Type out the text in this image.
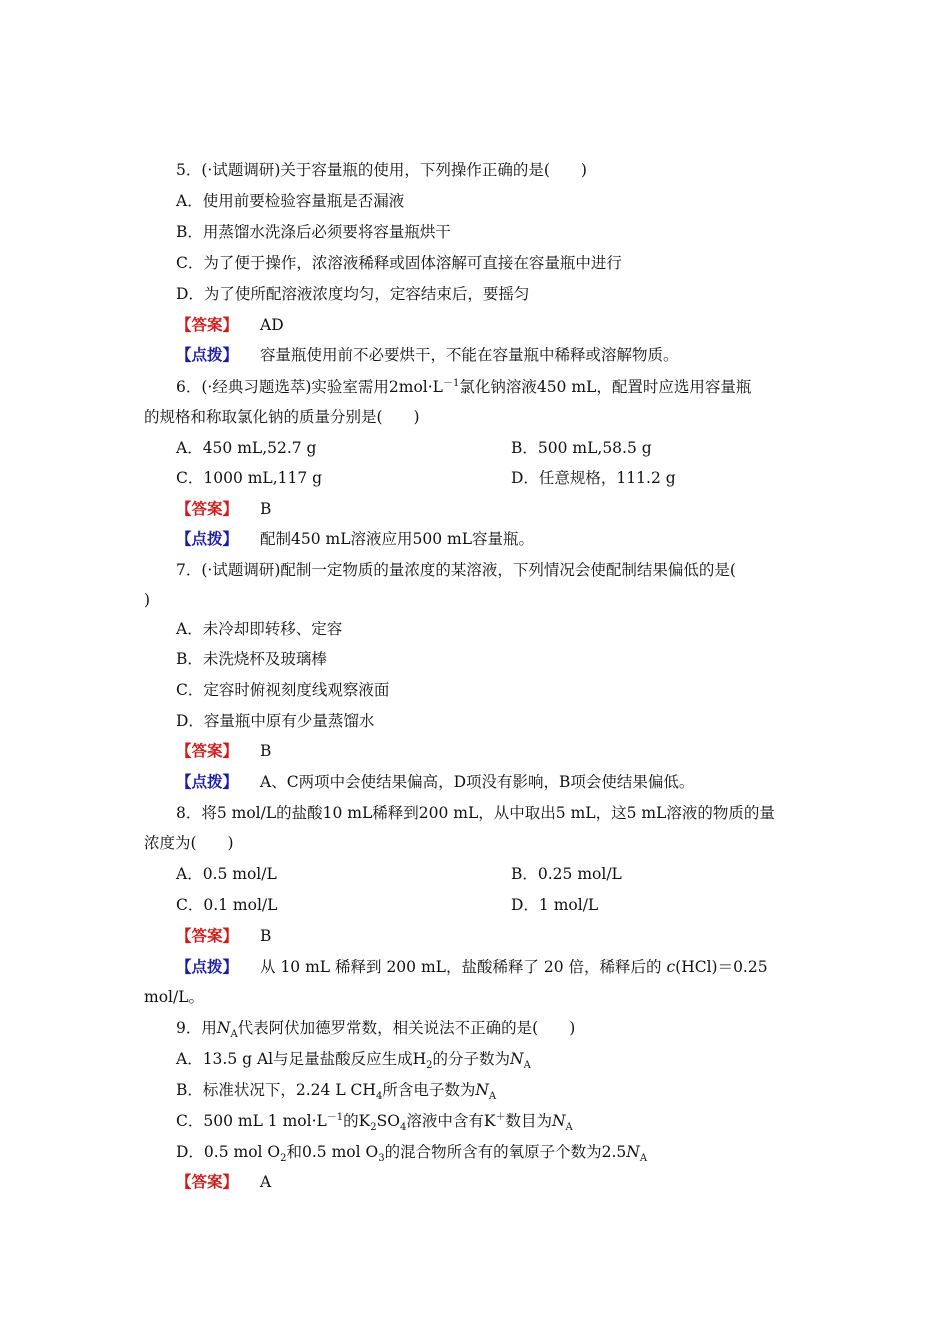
5．(·试题调研)关于容量瓶的使用，下列操作正确的是(　　)
A．使用前要检验容量瓶是否漏液
B．用蒸馏水洗涤后必须要将容量瓶烘干
C．为了便于操作，浓溶液稀释或固体溶解可直接在容量瓶中进行
D．为了使所配溶液浓度均匀，定容结束后，要摇匀
【答案】 AD
【点拨】 容量瓶使用前不必要烘干，不能在容量瓶中稀释或溶解物质。
6．(·经典习题选萃)实验室需用$2mol\cdot L^{-1}$氯化钠溶液450 mL，配置时应选用容量瓶
的规格和称取氯化钠的质量分别是(　　)
A．450 mL,52.7 g	B．500 mL,58.5 g
C．1000 mL,117 g	D．任意规格，111.2 g
【答案】 B
【点拨】 配制450 mL溶液应用500 mL容量瓶。
7．(·试题调研)配制一定物质的量浓度的某溶液，下列情况会使配制结果偏低的是(
)
A．未冷却即转移、定容
B．未洗烧杯及玻璃棒
C．定容时俯视刻度线观察液面
D．容量瓶中原有少量蒸馏水
【答案】 B
【点拨】 A、C两项中会使结果偏高，D项没有影响，B项会使结果偏低。
8．将5 mol/L的盐酸10 mL稀释到200 mL，从中取出5 mL，这5 mL溶液的物质的量
浓度为(　　)
A．0.5 mol/L	B．0.25 mol/L
C．0.1 mol/L	D．1 mol/L
【答案】 B
【点拨】 从 10 mL 稀释到 200 mL，盐酸稀释了 20 倍，稀释后的 c(HCl)＝0.25
mol/L。
9．用$N_A$代表阿伏加德罗常数，相关说法不正确的是(　　)
A．13.5 g Al与足量盐酸反应生成$H_2$的分子数为$N_A$
B．标准状况下，2.24 L $CH_4$所含电子数为$N_A$
C．500 mL 1 $mol\cdot L^{-1}$的$K_2SO_4$溶液中含有K＋数目为$N_A$
D．0.5 mol $O_2$和0.5 mol $O_3$的混合物所含有的氧原子个数为$2.5N_A$
【答案】 A
